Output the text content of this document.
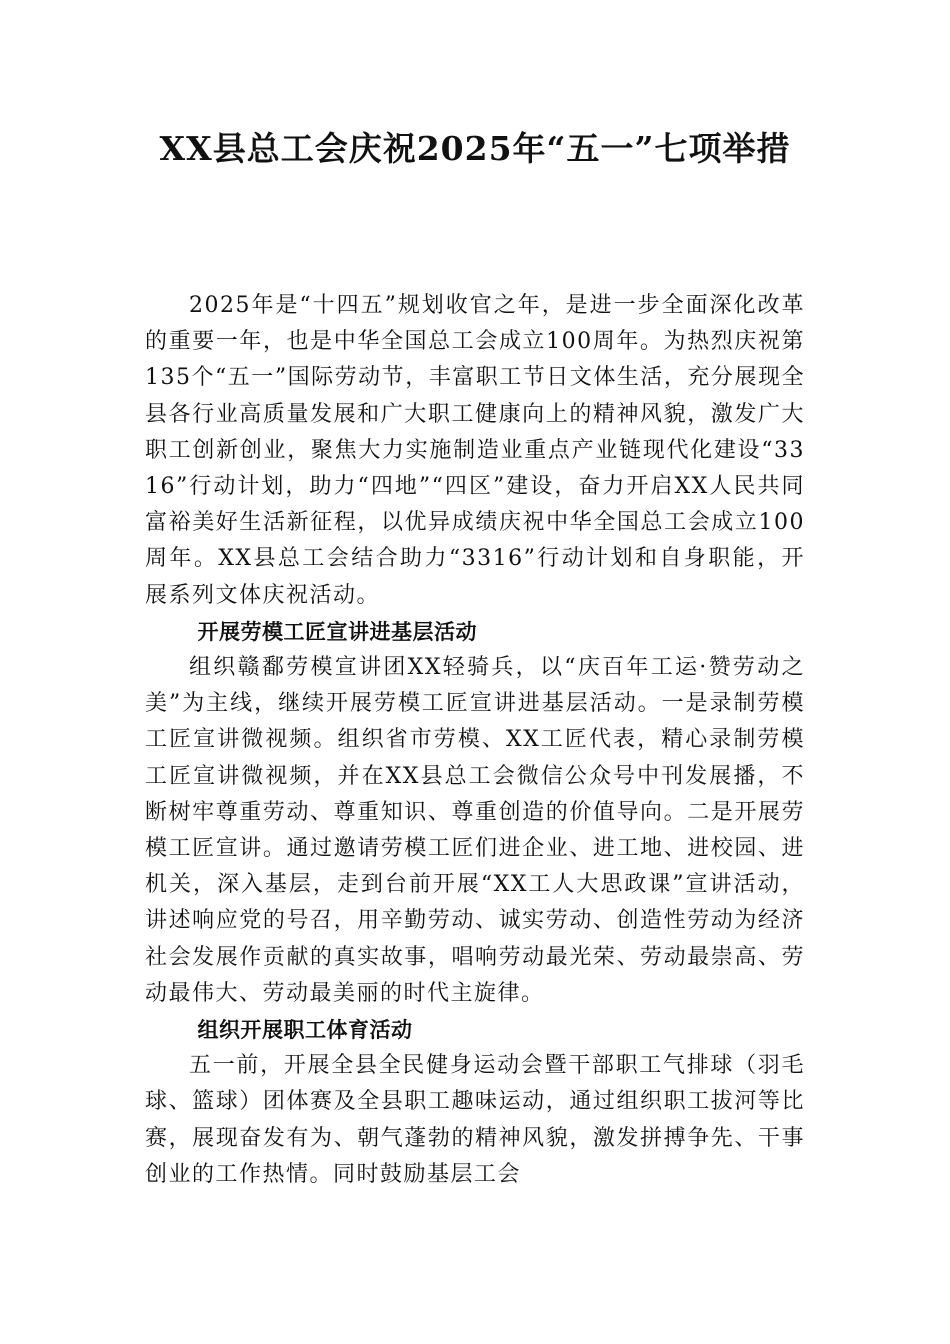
XX县总工会庆祝2025年“五一”七项举措

2025年是“十四五”规划收官之年，是进一步全面深化改革的重要一年，也是中华全国总工会成立100周年。为热烈庆祝第135个“五一”国际劳动节，丰富职工节日文体生活，充分展现全县各行业高质量发展和广大职工健康向上的精神风貌，激发广大职工创新创业，聚焦大力实施制造业重点产业链现代化建设“3316”行动计划，助力“四地”“四区”建设，奋力开启XX人民共同富裕美好生活新征程，以优异成绩庆祝中华全国总工会成立100周年。XX县总工会结合助力“3316”行动计划和自身职能，开展系列文体庆祝活动。

开展劳模工匠宣讲进基层活动

组织赣鄱劳模宣讲团XX轻骑兵，以“庆百年工运·赞劳动之美”为主线，继续开展劳模工匠宣讲进基层活动。一是录制劳模工匠宣讲微视频。组织省市劳模、XX工匠代表，精心录制劳模工匠宣讲微视频，并在XX县总工会微信公众号中刊发展播，不断树牢尊重劳动、尊重知识、尊重创造的价值导向。二是开展劳模工匠宣讲。通过邀请劳模工匠们进企业、进工地、进校园、进机关，深入基层，走到台前开展“XX工人大思政课”宣讲活动，讲述响应党的号召，用辛勤劳动、诚实劳动、创造性劳动为经济社会发展作贡献的真实故事，唱响劳动最光荣、劳动最崇高、劳动最伟大、劳动最美丽的时代主旋律。

组织开展职工体育活动

五一前，开展全县全民健身运动会暨干部职工气排球（羽毛球、篮球）团体赛及全县职工趣味运动，通过组织职工拔河等比赛，展现奋发有为、朝气蓬勃的精神风貌，激发拼搏争先、干事创业的工作热情。同时鼓励基层工会
